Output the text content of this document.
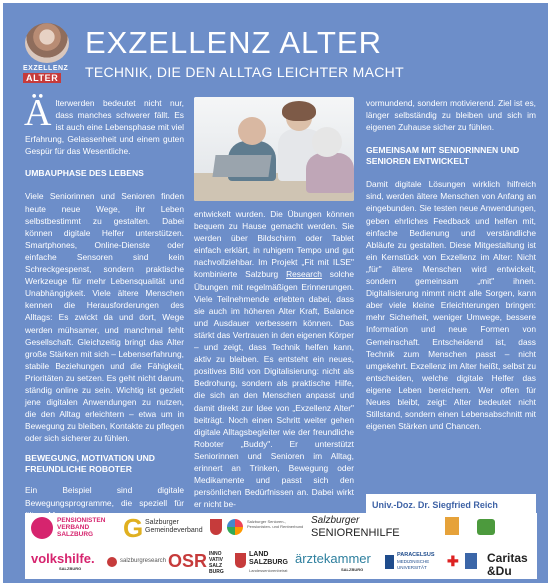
EXZELLENZ
ALTER
EXZELLENZ ALTER
TECHNIK, DIE DEN ALLTAG LEICHTER MACHT

Älterwerden bedeutet nicht nur, dass manches schwerer fällt. Es ist auch eine Lebensphase mit viel Erfahrung, Gelassenheit und einem guten Gespür für das Wesentliche.

UMBAUPHASE DES LEBENS

Viele Seniorinnen und Senioren finden heute neue Wege, ihr Leben selbstbestimmt zu gestalten. Dabei können digitale Helfer unterstützen. Smartphones, Online-Dienste oder einfache Sensoren sind kein Schreckgespenst, sondern praktische Werkzeuge für mehr Lebensqualität und Unabhängigkeit. Viele ältere Menschen kennen die Herausforderungen des Alltags: Es zwickt da und dort, Wege werden mühsamer, und manchmal fehlt Gesellschaft. Gleichzeitig bringt das Alter große Stärken mit sich – Lebenserfahrung, stabile Beziehungen und die Fähigkeit, Prioritäten zu setzen. Es geht nicht darum, ständig online zu sein. Wichtig ist gezielt jene digitalen Anwendungen zu nutzen, die den Alltag erleichtern – etwa um in Bewegung zu bleiben, Kontakte zu pflegen oder sich sicherer zu fühlen.

BEWEGUNG, MOTIVATION UND FREUNDLICHE ROBOTER

Ein Beispiel sind digitale Bewegungsprogramme, die speziell für

entwickelt wurden. Die Übungen können bequem zu Hause gemacht werden. Sie werden über Bildschirm oder Tablet einfach erklärt, in ruhigem Tempo und gut nachvollziehbar. Im Projekt „Fit mit ILSE" kombinierte Salzburg Research solche Übungen mit regelmäßigen Erinnerungen. Viele Teilnehmende erlebten dabei, dass sie auch im höheren Alter Kraft, Balance und Ausdauer verbessern können. Das stärkt das Vertrauen in den eigenen Körper – und zeigt, dass Technik helfen kann, aktiv zu bleiben. Es entsteht ein neues, positives Bild von Digitalisierung: nicht als Bedrohung, sondern als praktische Hilfe, die sich an den Menschen anpasst und damit direkt zur Idee von „Exzellenz Alter" beiträgt. Noch einen Schritt weiter gehen digitale Alltagsbegleiter wie der freundliche Roboter „Buddy". Er unterstützt Seniorinnen und Senioren im Alltag, erinnert an Trinken, Bewegung oder Medikamente und passt sich den persönlichen Bedürfnissen an. Dabei wirkt er nicht be-

vormundend, sondern motivierend. Ziel ist es, länger selbständig zu bleiben und sich im eigenen Zuhause sicher zu fühlen.

GEMEINSAM MIT SENIORINNEN UND SENIOREN ENTWICKELT

Damit digitale Lösungen wirklich hilfreich sind, werden ältere Menschen von Anfang an eingebunden. Sie testen neue Anwendungen, geben ehrliches Feedback und helfen mit, einfache Bedienung und verständliche Abläufe zu gestalten. Diese Mitgestaltung ist ein Kernstück von Exzellenz im Alter: Nicht „für" ältere Menschen wird entwickelt, sondern gemeinsam „mit" ihnen. Digitalisierung nimmt nicht alle Sorgen, kann aber viele kleine Erleichterungen bringen: mehr Sicherheit, weniger Umwege, bessere Information und neue Formen von Gemeinschaft. Entscheidend ist, dass Technik zum Menschen passt – nicht umgekehrt. Exzellenz im Alter heißt, selbst zu entscheiden, welche digitale Helfer das eigene Leben bereichern. Wer offen für Neues bleibt, zeigt: Alter bedeutet nicht Stillstand, sondern einen Lebensabschnitt mit eigenen Stärken und Chancen.

Univ.-Doz. Dr. Siegfried Reich
PENSIONISTEN
VERBAND
SALZBURG G Salzburger
Gemeindeverband
Salzburger Senioren-, Pensionisten- und Rentnerbund
Salzburger
SENIORENHILFE
volkshilfe.
SALZBURG
salzburgresearch OSR INNO
VATIV
SALZ
BURG
LAND
SALZBURG
Landesseniorenbeirat
ärztekammer
SALZBURG
PARACELSUS
MEDIZINISCHE
UNIVERSITÄT ✚ Caritas
&Du
